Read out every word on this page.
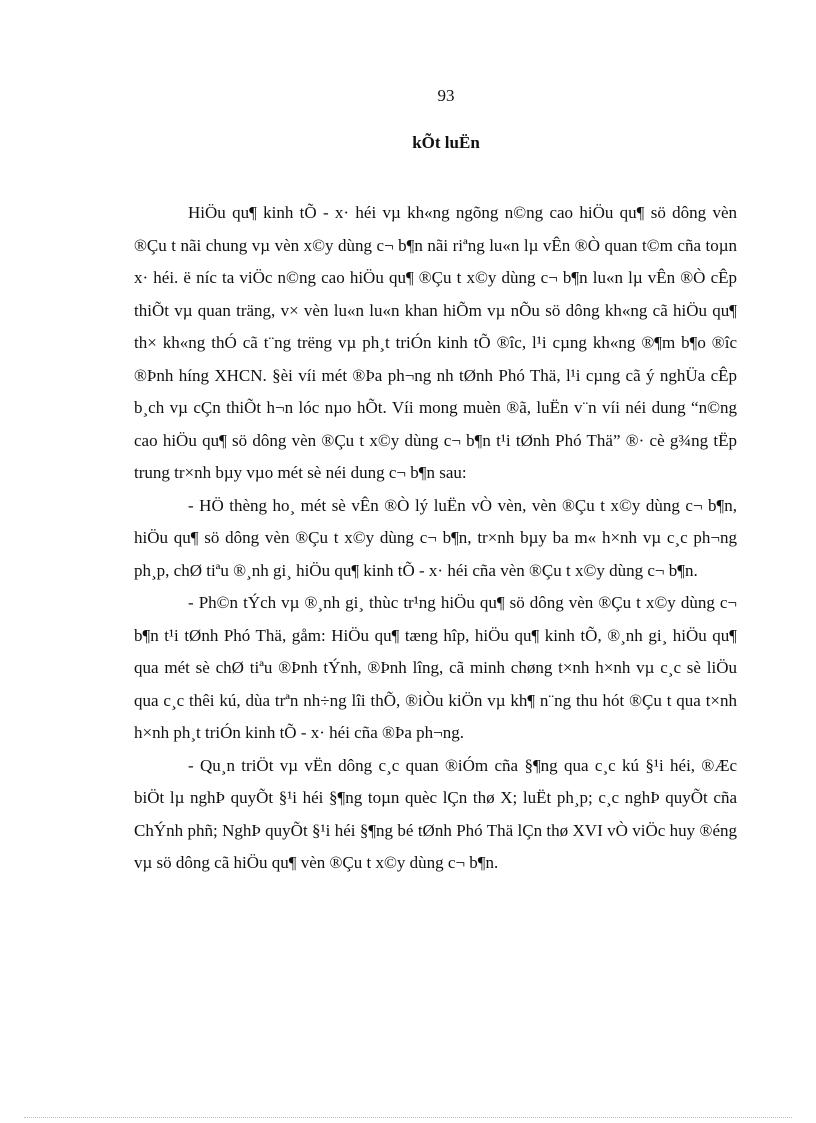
93
kÕt luËn

HiÖu qu¶ kinh tÕ - x· héi vµ kh«ng ngõng n©ng cao hiÖu qu¶ sö dông vèn ®Çu t nãi chung vµ vèn x©y dùng c¬ b¶n nãi riªng lu«n lµ vÊn ®Ò quan t©m cña toµn x· héi. ë níc ta viÖc n©ng cao hiÖu qu¶ ®Çu t x©y dùng c¬ b¶n lu«n lµ vÊn ®Ò cÊp thiÕt vµ quan träng, v× vèn lu«n lu«n khan hiÕm vµ nÕu sö dông kh«ng cã hiÖu qu¶ th× kh«ng thÓ cã t¨ng trëng vµ ph¸t triÓn kinh tÕ ®îc, l¹i cµng kh«ng ®¶m b¶o ®îc ®Þnh híng XHCN. §èi víi mét ®Þa ph¬ng nh tØnh Phó Thä, l¹i cµng cã ý nghÜa cÊp b¸ch vµ cÇn thiÕt h¬n lóc nµo hÕt. Víi mong muèn ®ã, luËn v¨n víi néi dung “n©ng cao hiÖu qu¶ sö dông vèn ®Çu t x©y dùng c¬ b¶n t¹i tØnh Phó Thä” ®· cè g¾ng tËp trung tr×nh bµy vµo mét sè néi dung c¬ b¶n sau:

- HÖ thèng ho¸ mét sè vÊn ®Ò lý luËn vÒ vèn, vèn ®Çu t x©y dùng c¬ b¶n, hiÖu qu¶ sö dông vèn ®Çu t x©y dùng c¬ b¶n, tr×nh bµy ba m« h×nh vµ c¸c ph¬ng ph¸p, chØ tiªu ®¸nh gi¸ hiÖu qu¶ kinh tÕ - x· héi cña vèn ®Çu t x©y dùng c¬ b¶n.

- Ph©n tÝch vµ ®¸nh gi¸ thùc tr¹ng hiÖu qu¶ sö dông vèn ®Çu t x©y dùng c¬ b¶n t¹i tØnh Phó Thä, gåm: HiÖu qu¶ tæng hîp, hiÖu qu¶ kinh tÕ, ®¸nh gi¸ hiÖu qu¶ qua mét sè chØ tiªu ®Þnh tÝnh, ®Þnh lîng, cã minh chøng t×nh h×nh vµ c¸c sè liÖu qua c¸c thêi kú, dùa trªn nh÷ng lîi thÕ, ®iÒu kiÖn vµ kh¶ n¨ng thu hót ®Çu t qua t×nh h×nh ph¸t triÓn kinh tÕ - x· héi cña ®Þa ph¬ng.

- Qu¸n triÖt vµ vËn dông c¸c quan ®iÓm cña §¶ng qua c¸c kú §¹i héi, ®Æc biÖt lµ nghÞ quyÕt §¹i héi §¶ng toµn quèc lÇn thø X; luËt ph¸p; c¸c nghÞ quyÕt cña ChÝnh phñ; NghÞ quyÕt §¹i héi §¶ng bé tØnh Phó Thä lÇn thø XVI vÒ viÖc huy ®éng vµ sö dông cã hiÖu qu¶ vèn ®Çu t x©y dùng c¬ b¶n.
